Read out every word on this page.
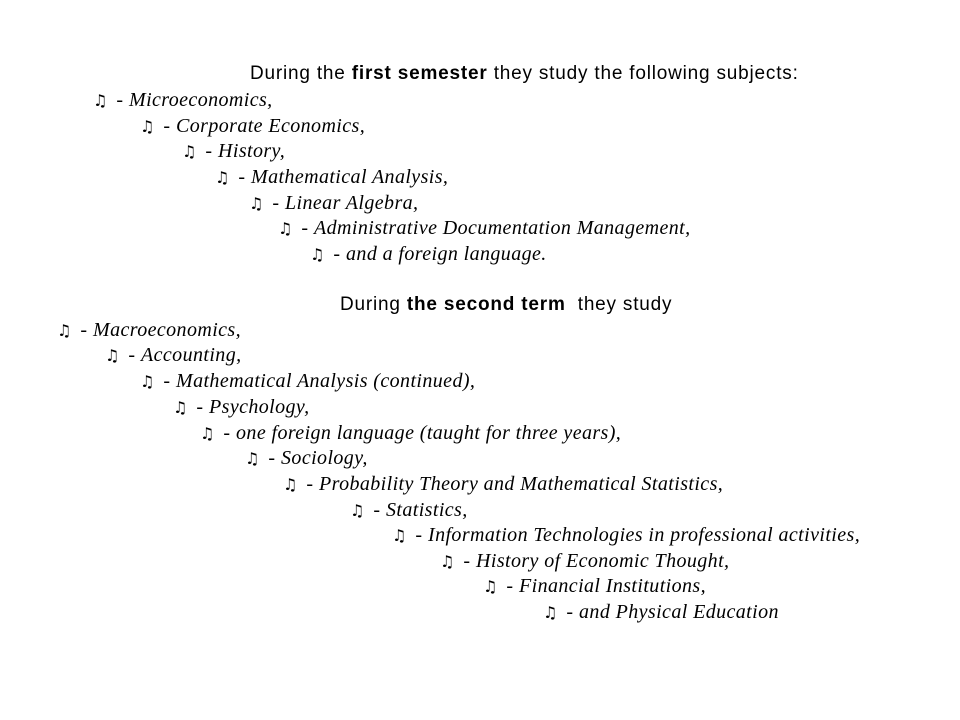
During the first semester they study the following subjects:
♫ - Microeconomics,
♫ - Corporate Economics,
♫ - History,
♫ - Mathematical Analysis,
♫ - Linear Algebra,
♫ - Administrative Documentation Management,
♫ - and a foreign language.
During the second term they study
♫ - Macroeconomics,
♫ - Accounting,
♫ - Mathematical Analysis (continued),
♫ - Psychology,
♫ - one foreign language (taught for three years),
♫ - Sociology,
♫ - Probability Theory and Mathematical Statistics,
♫ - Statistics,
♫ - Information Technologies in professional activities,
♫ - History of Economic Thought,
♫ - Financial Institutions,
♫ - and Physical Education
